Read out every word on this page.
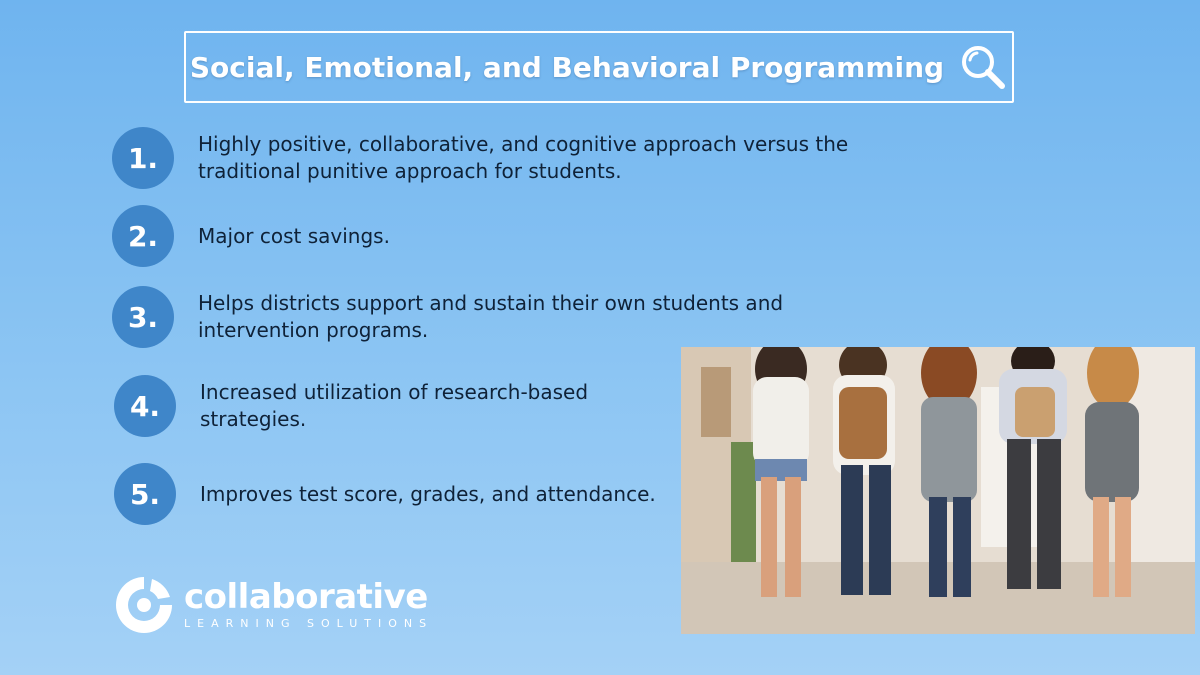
Social, Emotional, and Behavioral Programming
1.	Highly positive, collaborative, and cognitive approach versus the
traditional punitive approach for students.
2.	Major cost savings.
3.	Helps districts support and sustain their own students and
intervention programs.
4.	Increased utilization of research-based
strategies.
5.	Improves test score, grades, and attendance.
collaborative
LEARNING SOLUTIONS
